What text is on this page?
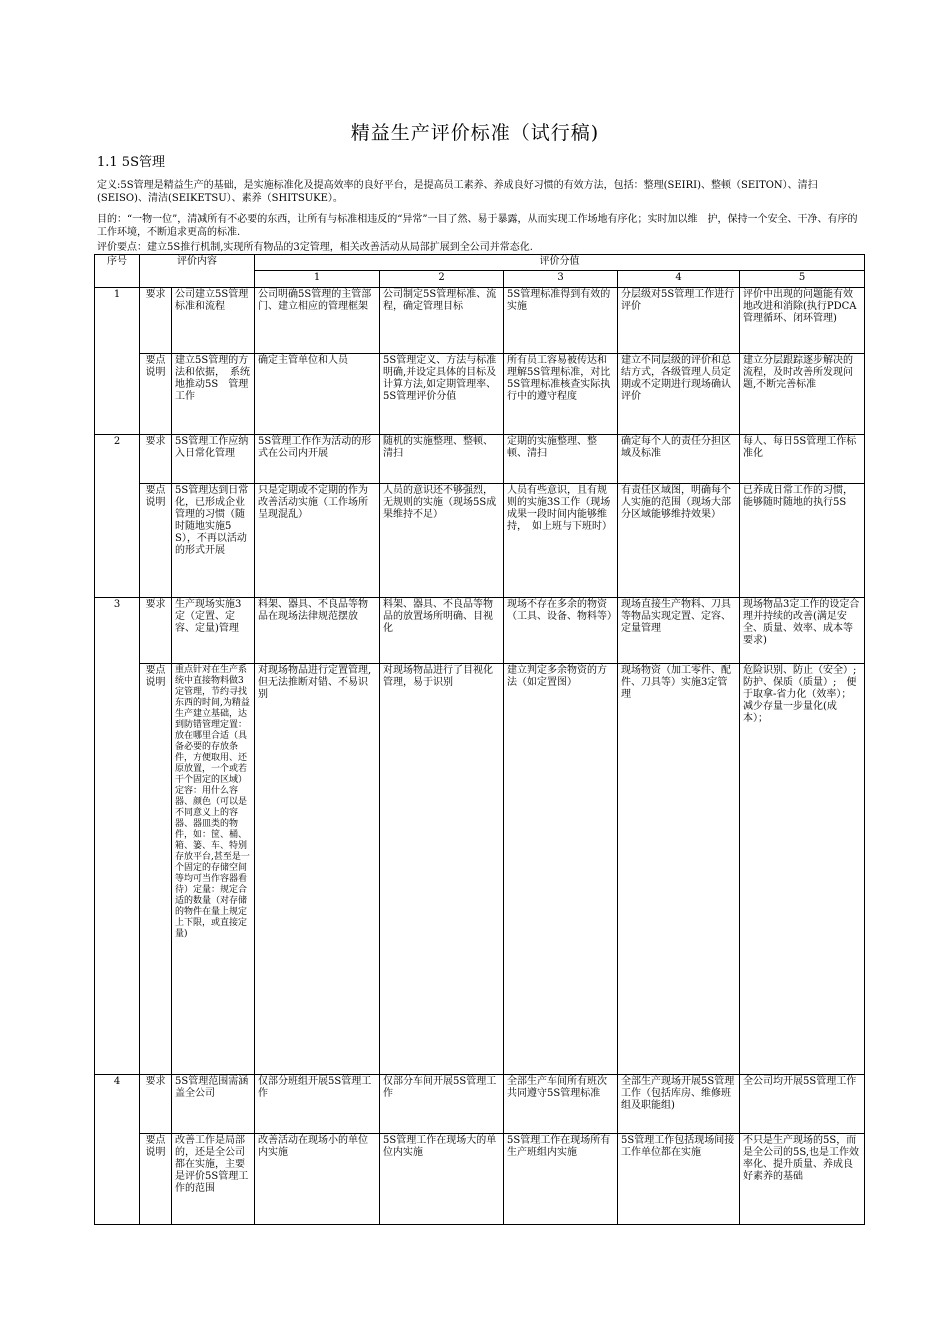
精益生产评价标准（试行稿)
1.1 5S管理
定义:5S管理是精益生产的基础，是实施标准化及提高效率的良好平台，是提高员工素养、养成良好习惯的有效方法，包括：整理(SEIRI)、整顿（SEITON）、清扫(SEISO)、清洁(SEIKETSU）、素养（SHITSUKE）。
目的：“一物一位”，清减所有不必要的东西，让所有与标准相违反的“异常”一目了然、易于暴露，从而实现工作场地有序化；实时加以维　护，保持一个安全、干净、有序的工作环境，不断追求更高的标准.
评价要点：建立5S推行机制,实现所有物品的3定管理，相关改善活动从局部扩展到全公司并常态化.
序号	评价内容		评价分值				
			1	2	3	4	5
1	要求	公司建立5S管理标准和流程	公司明确5S管理的主管部门、建立相应的管理框架	公司制定5S管理标准、流程，确定管理目标	5S管理标准得到有效的实施	分层级对5S管理工作进行评价	评价中出现的问题能有效地改进和消除(执行PDCA管理循环、闭环管理)
	要点说明	建立5S管理的方法和依据，　系统地推动5S　管理工作	确定主管单位和人员	5S管理定义、方法与标准明确,并设定具体的目标及计算方法,如定期管理率、5S管理评价分值	所有员工容易被传达和理解5S管理标准，对比5S管理标准核查实际执行中的遵守程度	建立不同层级的评价和总结方式，各级管理人员定期或不定期进行现场确认评价	建立分层跟踪逐步解决的流程，及时改善所发现问题,不断完善标准
2	要求	5S管理工作应纳入日常化管理	5S管理工作作为活动的形式在公司内开展	随机的实施整理、整顿、清扫	定期的实施整理、整顿、清扫	确定每个人的责任分担区域及标准	每人、每日5S管理工作标准化
	要点说明	5S管理达到日常化，已形成企业管理的习惯（随时随地实施5S），不再以活动的形式开展	只是定期或不定期的作为改善活动实施（工作场所呈现混乱）	人员的意识还不够强烈，无规则的实施（现场5S成果维持不足）	人员有些意识，且有规则的实施3S工作（现场成果一段时间内能够维持，　如上班与下班时）	有责任区域图，明确每个人实施的范围（现场大部分区域能够维持效果）	已养成日常工作的习惯，能够随时随地的执行5S
3	要求	生产现场实施3定（定置、定容、定量)管理	料架、器具、不良品等物品在现场法律规范摆放	料架、器具、不良品等物品的放置场所明确、目视化	现场不存在多余的物资（工具、设备、物料等）	现场直接生产物料、刀具等物品实现定置、定容、定量管理	现场物品3定工作的设定合理并持续的改善(满足安全、质量、效率、成本等要求)
	要点说明	重点针对在生产系统中直接物料做3定管理，节约寻找东西的时间,为精益生产建立基础，达到防错管理定置：放在哪里合适（具备必要的存放条件，方便取用、还原放置，一个或若干个固定的区域）定容：用什么容器、颜色（可以是不同意义上的容器、器皿类的物件，如：筐、桶、箱、篓、车、特别存放平台,甚至是一个固定的存储空间等均可当作容器看待）定量：规定合适的数量（对存储的物件在量上规定上下限，或直接定量)	对现场物品进行定置管理,但无法推断对错、不易识别	对现场物品进行了目视化管理，易于识别	建立判定多余物资的方法（如定置图）	现场物资（加工零件、配件、刀具等）实施3定管理	危险识别、防止（安全）;　防护、保质（质量）;　便于取拿-省力化（效率）；　减少存量一步量化(成本）；
4	要求	5S管理范围需涵盖全公司	仅部分班组开展5S管理工作	仅部分车间开展5S管理工作	全部生产车间所有班次共同遵守5S管理标准	全部生产现场开展5S管理工作（包括库房、维修班组及职能组)	全公司均开展5S管理工作
	要点说明	改善工作是局部的，还是全公司都在实施，主要是评价5S管理工作的范围	改善活动在现场小的单位内实施	5S管理工作在现场大的单位内实施	5S管理工作在现场所有生产班组内实施	5S管理工作包括现场间接工作单位都在实施	不只是生产现场的5S，而是全公司的5S,也是工作效率化、提升质量、养成良好素养的基础
